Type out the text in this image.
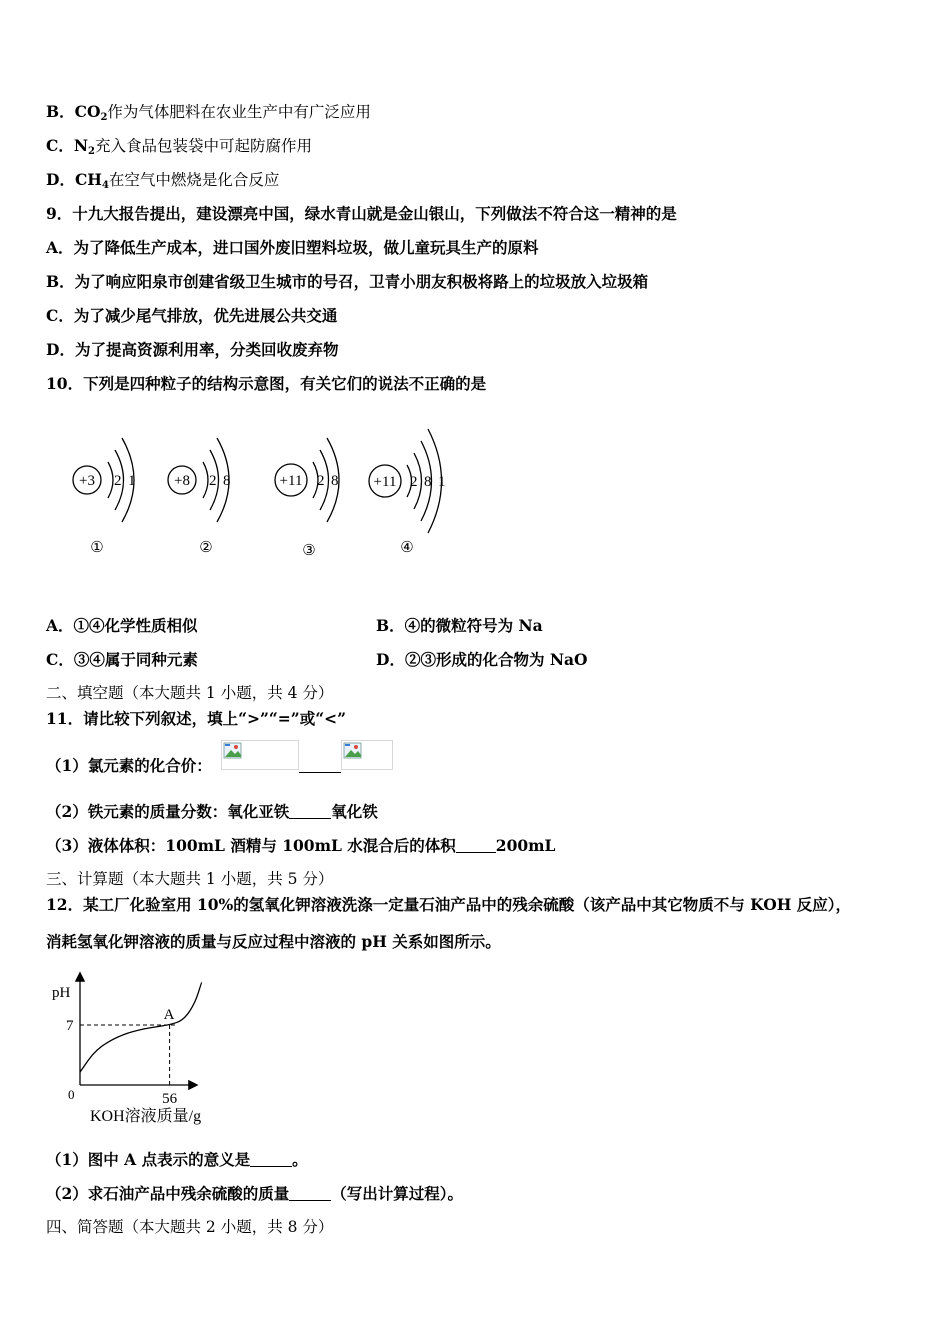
B．$CO_2$作为气体肥料在农业生产中有广泛应用
C．$N_2$充入食品包装袋中可起防腐作用
D．$CH_4$在空气中燃烧是化合反应
9．十九大报告提出，建设漂亮中国，绿水青山就是金山银山，下列做法不符合这一精神的是
A．为了降低生产成本，进口国外废旧塑料垃圾，做儿童玩具生产的原料
B．为了响应阳泉市创建省级卫生城市的号召，卫青小朋友积极将路上的垃圾放入垃圾箱
C．为了减少尾气排放，优先进展公共交通
D．为了提高资源利用率，分类回收废弃物
10．下列是四种粒子的结构示意图，有关它们的说法不正确的是
+3 2 1
①
+8 2 8
②
+11 2 8
③
+11 2 8 1
④
A．①④化学性质相似	B．④的微粒符号为 Na
C．③④属于同种元素	D．②③形成的化合物为 NaO
二、填空题（本大题共 1 小题，共 4 分）
11．请比较下列叙述，填上“>”“=”或“<”
（1）氯元素的化合价：
（2）铁元素的质量分数：氧化亚铁	氧化铁
（3）液体体积：100mL 酒精与 100mL 水混合后的体积	200mL
三、计算题（本大题共 1 小题，共 5 分）
12．某工厂化验室用 10%的氢氧化钾溶液洗涤一定量石油产品中的残余硫酸（该产品中其它物质不与 KOH 反应），
消耗氢氧化钾溶液的质量与反应过程中溶液的 pH 关系如图所示。
pH
7
0	56
A
KOH溶液质量/g
（1）图中 A 点表示的意义是	。
（2）求石油产品中残余硫酸的质量	（写出计算过程）。
四、简答题（本大题共 2 小题，共 8 分）
